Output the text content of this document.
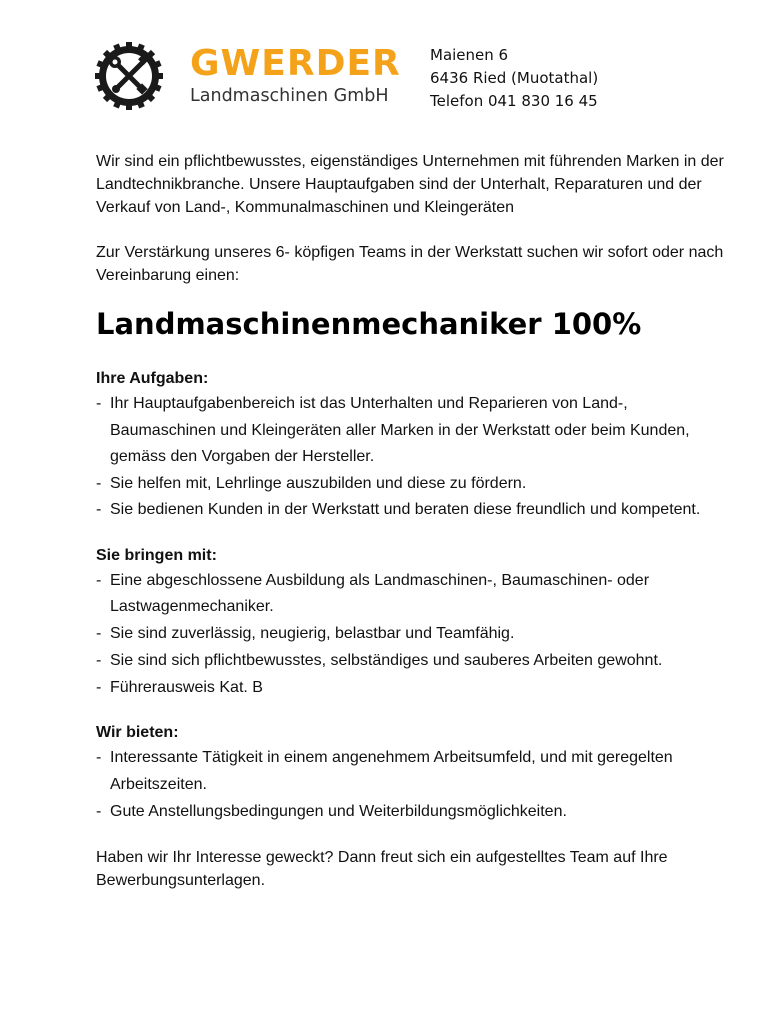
GWERDER
Landmaschinen GmbH
Maienen 6
6436 Ried (Muotathal)
Telefon 041 830 16 45

Wir sind ein pflichtbewusstes, eigenständiges Unternehmen mit führenden Marken in der Landtechnikbranche. Unsere Hauptaufgaben sind der Unterhalt, Reparaturen und der Verkauf von Land-, Kommunalmaschinen und Kleingeräten

Zur Verstärkung unseres 6- köpfigen Teams in der Werkstatt suchen wir sofort oder nach Vereinbarung einen:

Landmaschinenmechaniker 100%
Ihre Aufgaben:
- Ihr Hauptaufgabenbereich ist das Unterhalten und Reparieren von Land-, Baumaschinen und Kleingeräten aller Marken in der Werkstatt oder beim Kunden, gemäss den Vorgaben der Hersteller.
- Sie helfen mit, Lehrlinge auszubilden und diese zu fördern.
- Sie bedienen Kunden in der Werkstatt und beraten diese freundlich und kompetent.
Sie bringen mit:
- Eine abgeschlossene Ausbildung als Landmaschinen-, Baumaschinen- oder Lastwagenmechaniker.
- Sie sind zuverlässig, neugierig, belastbar und Teamfähig.
- Sie sind sich pflichtbewusstes, selbständiges und sauberes Arbeiten gewohnt.
- Führerausweis Kat. B
Wir bieten:
- Interessante Tätigkeit in einem angenehmem Arbeitsumfeld, und mit geregelten Arbeitszeiten.
- Gute Anstellungsbedingungen und Weiterbildungsmöglichkeiten.

Haben wir Ihr Interesse geweckt? Dann freut sich ein aufgestelltes Team auf Ihre Bewerbungsunterlagen.
